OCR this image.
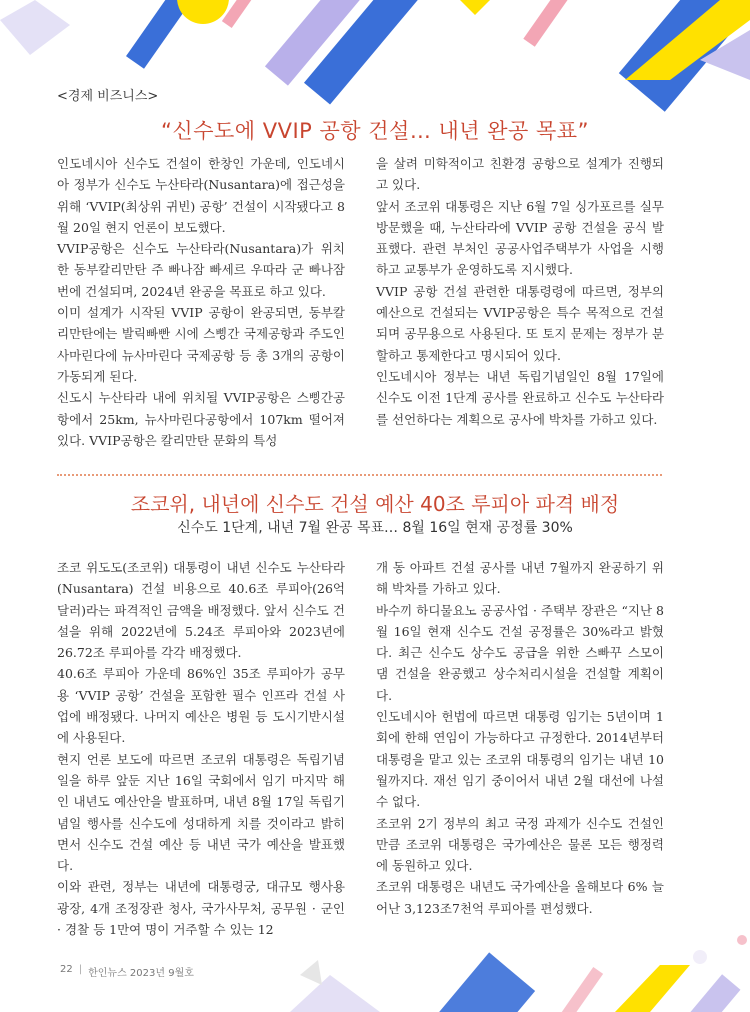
<경제 비즈니스>
“신수도에 VVIP 공항 건설… 내년 완공 목표”

인도네시아 신수도 건설이 한창인 가운데, 인도네시아 정부가 신수도 누산타라(Nusantara)에 접근성을 위해 ‘VVIP(최상위 귀빈) 공항’ 건설이 시작됐다고 8월 20일 현지 언론이 보도했다.

VVIP공항은 신수도 누산타라(Nusantara)가 위치한 동부칼리만탄 주 빠나잠 빠세르 우따라 군 빠나잠 번에 건설되며, 2024년 완공을 목표로 하고 있다.

이미 설계가 시작된 VVIP 공항이 완공되면, 동부칼리만탄에는 발릭빠빤 시에 스삥간 국제공항과 주도인 사마린다에 뉴사마린다 국제공항 등 총 3개의 공항이 가동되게 된다.

신도시 누산타라 내에 위치될 VVIP공항은 스삥간공항에서 25km, 뉴사마린다공항에서 107km 떨어져 있다. VVIP공항은 칼리만탄 문화의 특성

을 살려 미학적이고 친환경 공항으로 설계가 진행되고 있다.

앞서 조코위 대통령은 지난 6월 7일 싱가포르를 실무방문했을 때, 누산타라에 VVIP 공항 건설을 공식 발표했다. 관련 부처인 공공사업주택부가 사업을 시행하고 교통부가 운영하도록 지시했다.

VVIP 공항 건설 관련한 대통령령에 따르면, 정부의 예산으로 건설되는 VVIP공항은 특수 목적으로 건설되며 공무용으로 사용된다. 또 토지 문제는 정부가 분할하고 통제한다고 명시되어 있다.

인도네시아 정부는 내년 독립기념일인 8월 17일에 신수도 이전 1단계 공사를 완료하고 신수도 누산타라를 선언하다는 계획으로 공사에 박차를 가하고 있다.

조코위, 내년에 신수도 건설 예산 40조 루피아 파격 배정
신수도 1단계, 내년 7월 완공 목표… 8월 16일 현재 공정률 30%

조코 위도도(조코위) 대통령이 내년 신수도 누산타라(Nusantara) 건설 비용으로 40.6조 루피아(26억 달러)라는 파격적인 금액을 배정했다. 앞서 신수도 건설을 위해 2022년에 5.24조 루피아와 2023년에 26.72조 루피아를 각각 배정했다.

40.6조 루피아 가운데 86%인 35조 루피아가 공무용 ‘VVIP 공항’ 건설을 포함한 필수 인프라 건설 사업에 배정됐다. 나머지 예산은 병원 등 도시기반시설에 사용된다.

현지 언론 보도에 따르면 조코위 대통령은 독립기념일을 하루 앞둔 지난 16일 국회에서 임기 마지막 해인 내년도 예산안을 발표하며, 내년 8월 17일 독립기념일 행사를 신수도에 성대하게 치를 것이라고 밝히면서 신수도 건설 예산 등 내년 국가 예산을 발표했다.

이와 관련, 정부는 내년에 대통령궁, 대규모 행사용 광장, 4개 조정장관 청사, 국가사무처, 공무원 · 군인 · 경찰 등 1만여 명이 거주할 수 있는 12

개 동 아파트 건설 공사를 내년 7월까지 완공하기 위해 박차를 가하고 있다.

바수끼 하디물요노 공공사업 · 주택부 장관은 “지난 8월 16일 현재 신수도 건설 공정률은 30%라고 밝혔다. 최근 신수도 상수도 공급을 위한 스빠꾸 스모이 댐 건설을 완공했고 상수처리시설을 건설할 계획이다.

인도네시아 헌법에 따르면 대통령 임기는 5년이며 1회에 한해 연임이 가능하다고 규정한다. 2014년부터 대통령을 맡고 있는 조코위 대통령의 임기는 내년 10월까지다. 재선 임기 중이어서 내년 2월 대선에 나설 수 없다.

조코위 2기 정부의 최고 국정 과제가 신수도 건설인 만큼 조코위 대통령은 국가예산은 물론 모든 행정력에 동원하고 있다.

조코위 대통령은 내년도 국가예산을 올해보다 6% 늘어난 3,123조7천억 루피아를 편성했다.

22 | 한인뉴스 2023년 9월호
